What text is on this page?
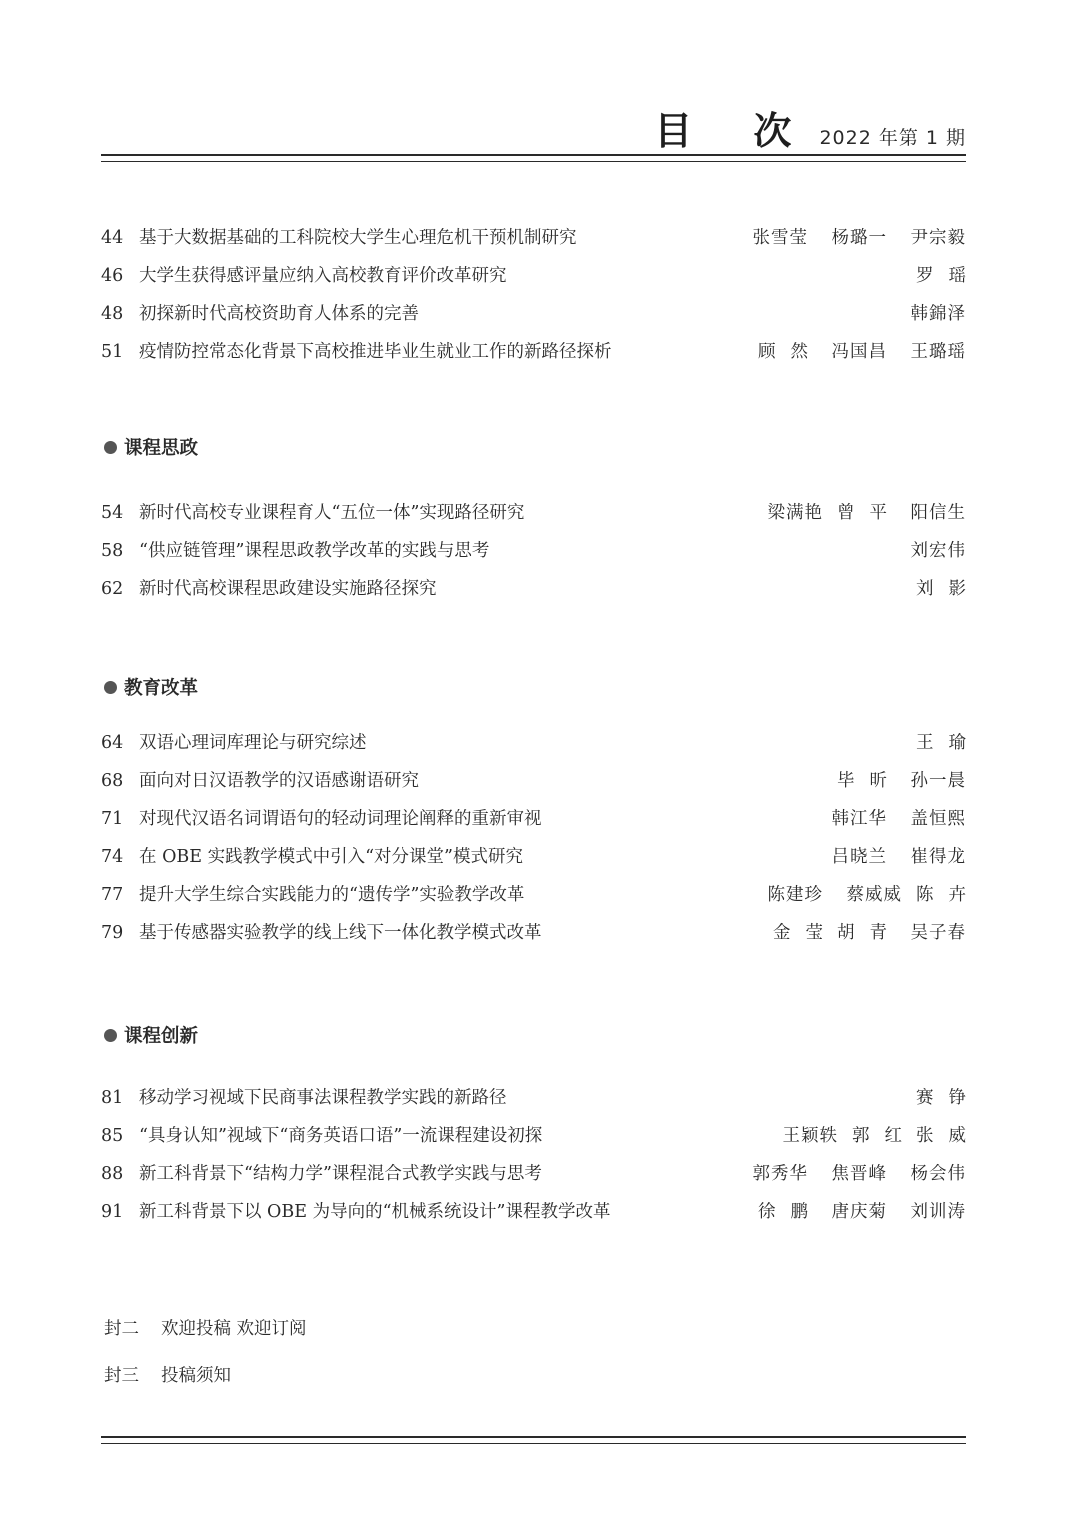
目 次 2022 年第 1 期
44 基于大数据基础的工科院校大学生心理危机干预机制研究	张雪莹	杨璐一	尹宗毅
46 大学生获得感评量应纳入高校教育评价改革研究	罗瑶
48 初探新时代高校资助育人体系的完善	韩錦泽
51 疫情防控常态化背景下高校推进毕业生就业工作的新路径探析	顾然 冯国昌	王璐瑶
课程思政
54 新时代高校专业课程育人“五位一体”实现路径研究	梁满艳 曾平 阳信生
58 “供应链管理”课程思政教学改革的实践与思考	刘宏伟
62 新时代高校课程思政建设实施路径探究	刘影
教育改革
64 双语心理词库理论与研究综述	王瑜
68 面向对日汉语教学的汉语感谢语研究	毕昕 孙一晨
71 对现代汉语名词谓语句的轻动词理论阐释的重新审视	韩江华	盖恒熙
74 在 OBE 实践教学模式中引入“对分课堂”模式研究	吕晓兰	崔得龙
77 提升大学生综合实践能力的“遗传学”实验教学改革	陈建珍	蔡威威 陈卉
79 基于传感器实验教学的线上线下一体化教学模式改革	金莹 胡青 吴子春
课程创新
81 移动学习视域下民商事法课程教学实践的新路径	赛铮
85 “具身认知”视域下“商务英语口语”一流课程建设初探	王颖轶 郭红 张威
88 新工科背景下“结构力学”课程混合式教学实践与思考	郭秀华	焦晋峰	杨会伟
91 新工科背景下以 OBE 为导向的“机械系统设计”课程教学改革	徐鹏 唐庆菊	刘训涛
封二 欢迎投稿 欢迎订阅
封三 投稿须知
